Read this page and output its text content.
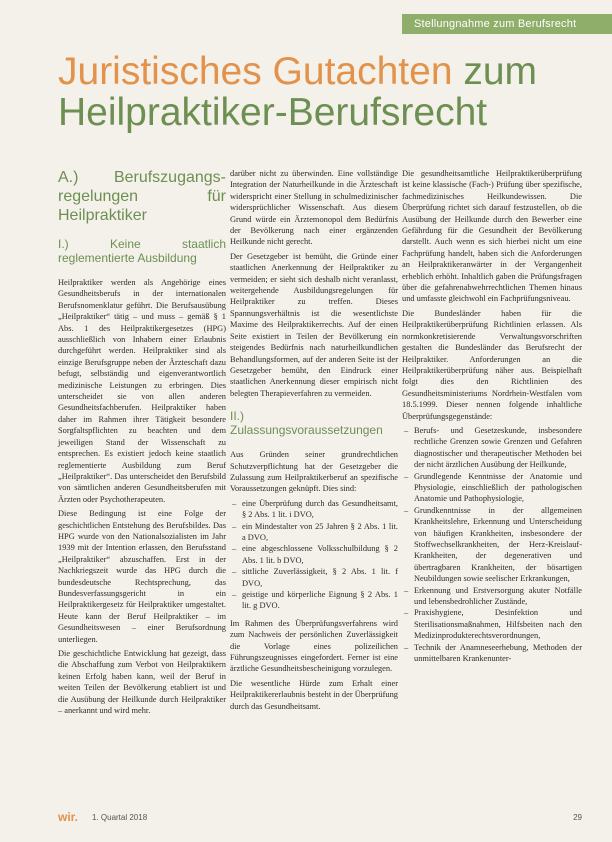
Stellungnahme zum Berufsrecht
Juristisches Gutachten zum
Heilpraktiker-Berufsrecht
A.) Berufszugangs-regelungen für Heilpraktiker
I.) Keine staatlich reglementierte Ausbildung

Heilpraktiker werden als Angehörige eines Gesundheitsberufs in der internationalen Berufsnomenklatur geführt. Die Berufsausübung „Heilpraktiker“ tätig – und muss – gemäß § 1 Abs. 1 des Heilpraktikergesetzes (HPG) ausschließlich von Inhabern einer Erlaubnis durchgeführt werden. Heilpraktiker sind als einzige Berufsgruppe neben der Ärzteschaft dazu befugt, selbständig und eigenverantwortlich medizinische Leistungen zu erbringen. Dies unterscheidet sie von allen anderen Gesundheitsfachberufen. Heilpraktiker haben daher im Rahmen ihrer Tätigkeit besondere Sorgfaltspflichten zu beachten und dem jeweiligen Stand der Wissenschaft zu entsprechen. Es existiert jedoch keine staatlich reglementierte Ausbildung zum Beruf „Heilpraktiker“. Das unterscheidet den Berufsbild von sämtlichen anderen Gesundheitsberufen mit Ärzten oder Psychotherapeuten.

Diese Bedingung ist eine Folge der geschichtlichen Entstehung des Berufsbildes. Das HPG wurde von den Nationalsozialisten im Jahr 1939 mit der Intention erlassen, den Berufsstand „Heilpraktiker“ abzuschaffen. Erst in der Nachkriegszeit wurde das HPG durch die bundesdeutsche Rechtsprechung, das Bundesverfassungsgericht in ein Heilpraktikergesetz für Heilpraktiker umgestaltet. Heute kann der Beruf Heilpraktiker – im Gesundheitswesen – einer Berufsordnung unterliegen.

Die geschichtliche Entwicklung hat gezeigt, dass die Abschaffung zum Verbot von Heilpraktikern keinen Erfolg haben kann, weil der Beruf in weiten Teilen der Bevölkerung etabliert ist und die Ausübung der Heilkunde durch Heilpraktiker – anerkannt und wird mehr.

darüber nicht zu überwinden. Eine vollständige Integration der Naturheilkunde in die Ärzteschaft widerspricht einer Stellung in schulmedizinischer widersprüchlicher Wissenschaft. Aus diesem Grund würde ein Ärztemonopol dem Bedürfnis der Bevölkerung nach einer ergänzenden Heilkunde nicht gerecht.

Der Gesetzgeber ist bemüht, die Gründe einer staatlichen Anerkennung der Heilpraktiker zu vermeiden; er sieht sich deshalb nicht veranlasst, weitergehende Ausbildungsregelungen für Heilpraktiker zu treffen. Dieses Spannungsverhältnis ist die wesentlichste Maxime des Heilpraktikerrechts. Auf der einen Seite existiert in Teilen der Bevölkerung ein steigendes Bedürfnis nach naturheilkundlichen Behandlungsformen, auf der anderen Seite ist der Gesetzgeber bemüht, den Eindruck einer staatlichen Anerkennung dieser empirisch nicht belegten Therapieverfahren zu vermeiden.

II.) Zulassungsvoraussetzungen

Aus Gründen seiner grundrechtlichen Schutzverpflichtung hat der Gesetzgeber die Zulassung zum Heilpraktikerberuf an spezifische Voraussetzungen geknüpft. Dies sind:

– eine Überprüfung durch das Gesundheitsamt, § 2 Abs. 1 lit. i DVO,
– ein Mindestalter von 25 Jahren § 2 Abs. 1 lit. a DVO,
– eine abgeschlossene Volksschulbildung § 2 Abs. 1 lit. b DVO,
– sittliche Zuverlässigkeit, § 2 Abs. 1 lit. f DVO,
– geistige und körperliche Eignung § 2 Abs. 1 lit. g DVO.

Im Rahmen des Überprüfungsverfahrens wird zum Nachweis der persönlichen Zuverlässigkeit die Vorlage eines polizeilichen Führungszeugnisses eingefordert. Ferner ist eine ärztliche Gesundheitsbescheinigung vorzulegen.

Die wesentliche Hürde zum Erhalt einer Heilpraktikererlaubnis besteht in der Überprüfung durch das Gesundheitsamt.

Die gesundheitsamtliche Heilpraktikerüberprüfung ist keine klassische (Fach-) Prüfung über spezifische, fachmedizinisches Heilkundewissen. Die Überprüfung richtet sich darauf festzustellen, ob die Ausübung der Heilkunde durch den Bewerber eine Gefährdung für die Gesundheit der Bevölkerung darstellt. Auch wenn es sich hierbei nicht um eine Fachprüfung handelt, haben sich die Anforderungen an Heilpraktikeranwärter in der Vergangenheit erheblich erhöht. Inhaltlich gaben die Prüfungsfragen über die gefahrenabwehrrechtlichen Themen hinaus und umfasste gleichwohl ein Fachprüfungsniveau.

Die Bundesländer haben für die Heilpraktikerüberprüfung Richtlinien erlassen. Als normkonkretisierende Verwaltungsvorschriften gestalten die Bundesländer das Berufsrecht der Heilpraktiker. Anforderungen an die Heilpraktikerüberprüfung näher aus. Beispielhaft folgt dies den Richtlinien des Gesundheitsministeriums Nordrhein-Westfalen vom 18.5.1999. Dieser nennen folgende inhaltliche Überprüfungsgegenstände:

– Berufs- und Gesetzeskunde, insbesondere rechtliche Grenzen sowie Grenzen und Gefahren diagnostischer und therapeutischer Methoden bei der nicht ärztlichen Ausübung der Heilkunde,
– Grundlegende Kenntnisse der Anatomie und Physiologie, einschließlich der pathologischen Anatomie und Pathophysiologie,
– Grundkenntnisse in der allgemeinen Krankheitslehre, Erkennung und Unterscheidung von häufigen Krankheiten, insbesondere der Stoffwechselkrankheiten, der Herz-Kreislauf-Krankheiten, der degenerativen und übertragbaren Krankheiten, der bösartigen Neubildungen sowie seelischer Erkrankungen,
– Erkennung und Erstversorgung akuter Notfälle und lebensbedrohlicher Zustände,
– Praxishygiene, Desinfektion und Sterilisationsmaßnahmen, Hilfsbeiten nach den Medizinprodukterechtsverordnungen,
– Technik der Anamneseerhebung, Methoden der unmittelbaren Krankenunter-
wir. 1. Quartal 2018	29
